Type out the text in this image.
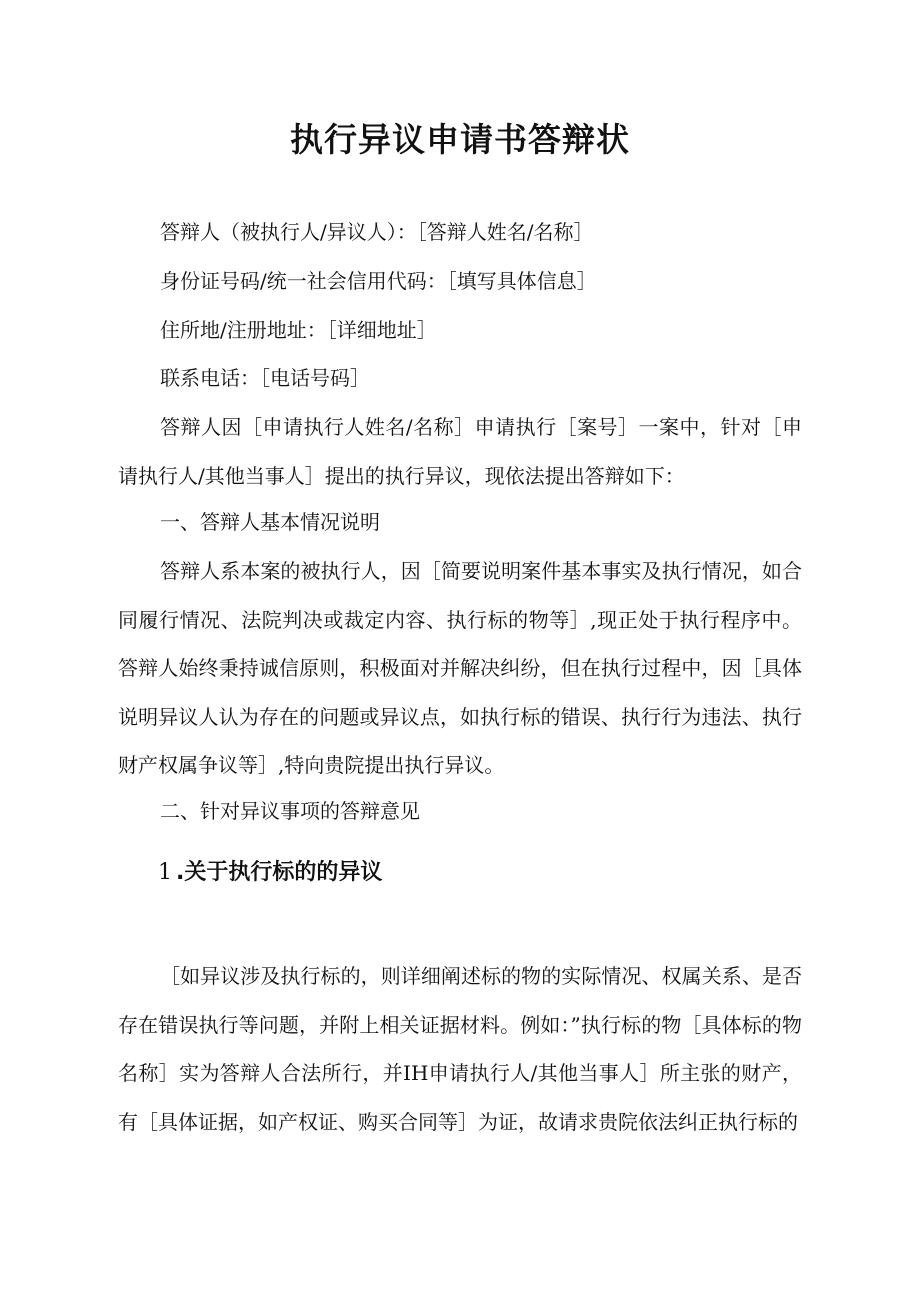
执行异议申请书答辩状

答辩人（被执行人/异议人）：［答辩人姓名/名称］

身份证号码/统一社会信用代码：［填写具体信息］

住所地/注册地址：［详细地址］

联系电话：［电话号码］

答辩人因［申请执行人姓名/名称］申请执行［案号］一案中，针对［申请执行人/其他当事人］提出的执行异议，现依法提出答辩如下：

一、答辩人基本情况说明

答辩人系本案的被执行人，因［简要说明案件基本事实及执行情况，如合同履行情况、法院判决或裁定内容、执行标的物等］,现正处于执行程序中。答辩人始终秉持诚信原则，积极面对并解决纠纷，但在执行过程中，因［具体说明异议人认为存在的问题或异议点，如执行标的错误、执行行为违法、执行财产权属争议等］,特向贵院提出执行异议。

二、针对异议事项的答辩意见

1 .关于执行标的的异议

［如异议涉及执行标的，则详细阐述标的物的实际情况、权属关系、是否存在错误执行等问题，并附上相关证据材料。例如：”执行标的物［具体标的物名称］实为答辩人合法所行，并IH申请执行人/其他当事人］所主张的财产，有［具体证据，如产权证、购买合同等］为证，故请求贵院依法纠正执行标的
